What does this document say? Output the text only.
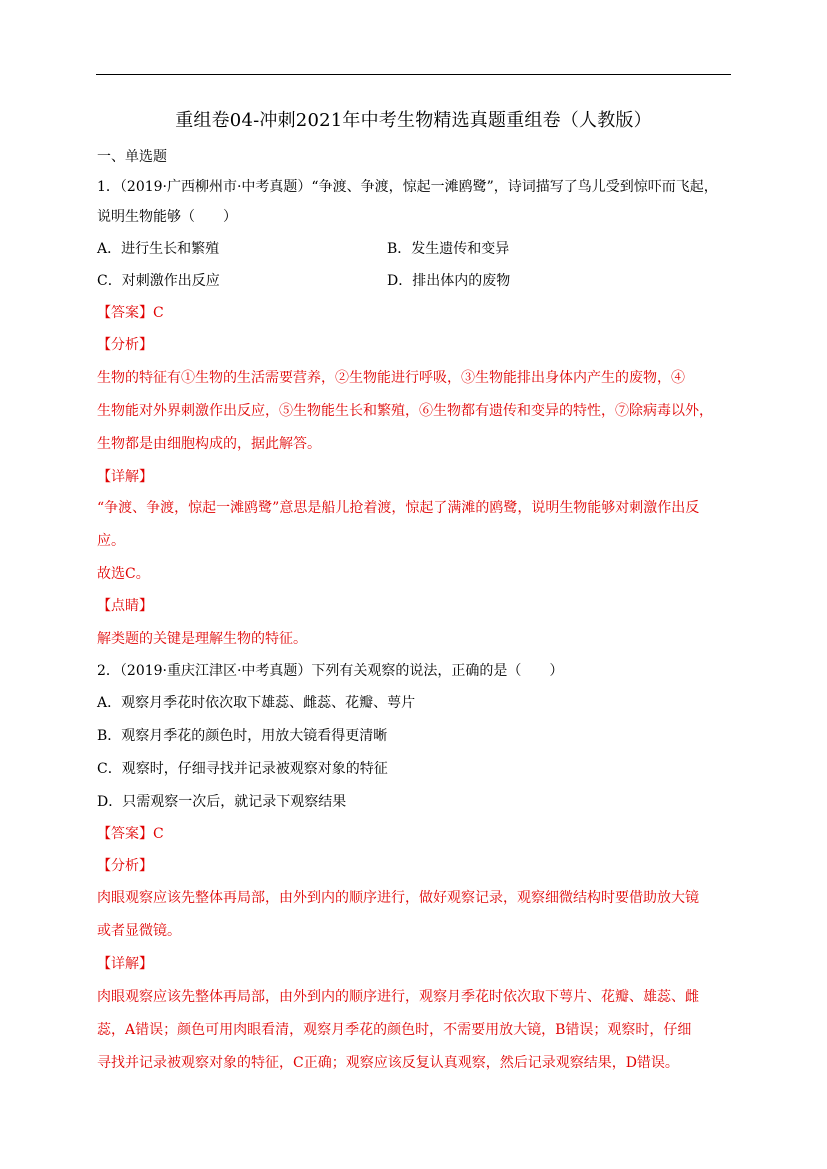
重组卷04-冲刺2021年中考生物精选真题重组卷（人教版）
一、单选题
1．（2019·广西柳州市·中考真题）“争渡、争渡，惊起一滩鸥鹭”，诗词描写了鸟儿受到惊吓而飞起，
说明生物能够（　　）
A．进行生长和繁殖	B．发生遗传和变异
C．对刺激作出反应	D．排出体内的废物
【答案】C
【分析】
生物的特征有①生物的生活需要营养，②生物能进行呼吸，③生物能排出身体内产生的废物，④
生物能对外界刺激作出反应，⑤生物能生长和繁殖，⑥生物都有遗传和变异的特性，⑦除病毒以外，
生物都是由细胞构成的，据此解答。
【详解】
“争渡、争渡，惊起一滩鸥鹭”意思是船儿抢着渡，惊起了满滩的鸥鹭，说明生物能够对刺激作出反
应。
故选C。
【点睛】
解类题的关键是理解生物的特征。
2．（2019·重庆江津区·中考真题）下列有关观察的说法，正确的是（　　）
A．观察月季花时依次取下雄蕊、雌蕊、花瓣、萼片
B．观察月季花的颜色时，用放大镜看得更清晰
C．观察时，仔细寻找并记录被观察对象的特征
D．只需观察一次后，就记录下观察结果
【答案】C
【分析】
肉眼观察应该先整体再局部，由外到内的顺序进行，做好观察记录，观察细微结构时要借助放大镜
或者显微镜。
【详解】
肉眼观察应该先整体再局部，由外到内的顺序进行，观察月季花时依次取下萼片、花瓣、雄蕊、雌
蕊，A错误；颜色可用肉眼看清，观察月季花的颜色时，不需要用放大镜，B错误；观察时，仔细
寻找并记录被观察对象的特征，C正确；观察应该反复认真观察，然后记录观察结果，D错误。
